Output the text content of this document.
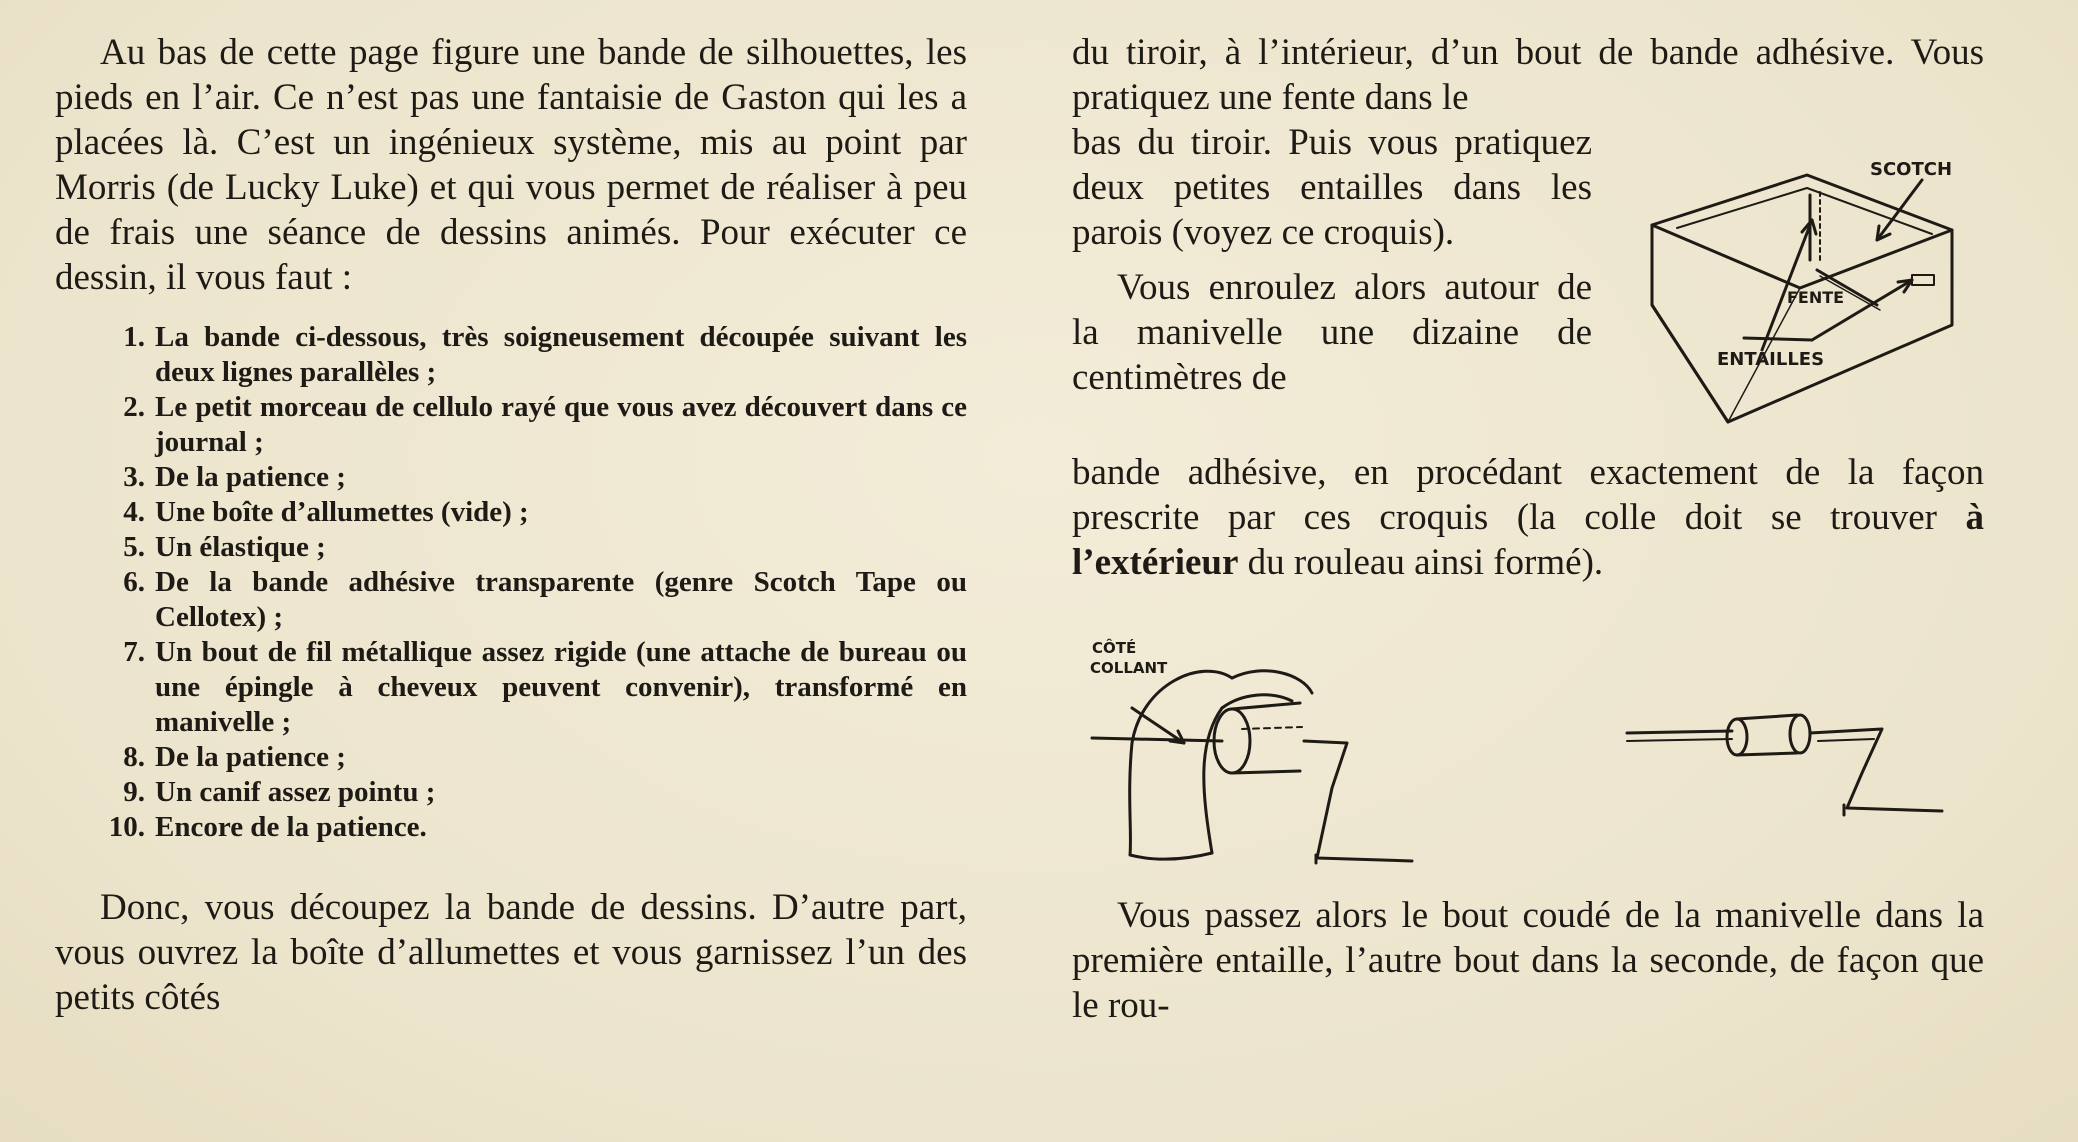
Au bas de cette page figure une bande de silhouettes, les pieds en l’air. Ce n’est pas une fantaisie de Gaston qui les a placées là. C’est un ingénieux système, mis au point par Morris (de Lucky Luke) et qui vous permet de réaliser à peu de frais une séance de dessins animés. Pour exécuter ce dessin, il vous faut :

1. La bande ci-dessous, très soigneusement découpée suivant les deux lignes parallèles ;
2. Le petit morceau de cellulo rayé que vous avez découvert dans ce journal ;
3. De la patience ;
4. Une boîte d’allumettes (vide) ;
5. Un élastique ;
6. De la bande adhésive transparente (genre Scotch Tape ou Cellotex) ;
7. Un bout de fil métallique assez rigide (une attache de bureau ou une épingle à cheveux peuvent convenir), transformé en manivelle ;
8. De la patience ;
9. Un canif assez pointu ;
10. Encore de la patience.

Donc, vous découpez la bande de dessins. D’autre part, vous ouvrez la boîte d’allumettes et vous garnissez l’un des petits côtés

du tiroir, à l’intérieur, d’un bout de bande adhésive. Vous pratiquez une fente dans le

bas du tiroir. Puis vous pratiquez deux petites entailles dans les parois (voyez ce croquis).

Vous enroulez alors autour de la manivelle une dizaine de centimètres de

SCOTCH
FENTE
ENTAILLES

bande adhésive, en procédant exactement de la façon prescrite par ces croquis (la colle doit se trouver à l’extérieur du rouleau ainsi formé).

CÔTÉ
COLLANT

Vous passez alors le bout coudé de la manivelle dans la première entaille, l’autre bout dans la seconde, de façon que le rou-
